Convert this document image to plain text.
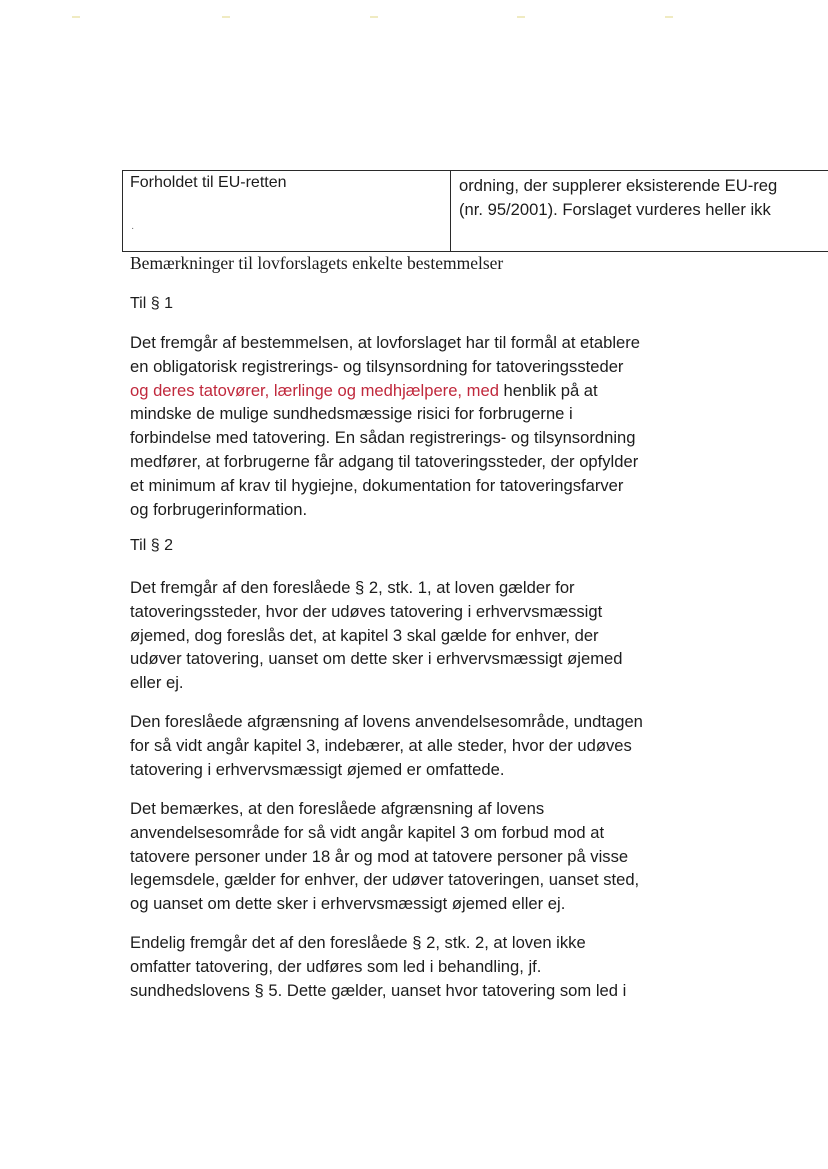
Forholdet til EU-retten
·
ordning, der supplerer eksisterende EU-reg
(nr. 95/2001). Forslaget vurderes heller ikk
Bemærkninger til lovforslagets enkelte bestemmelser
Til § 1
Det fremgår af bestemmelsen, at lovforslaget har til formål at etablere
en obligatorisk registrerings- og tilsynsordning for tatoveringssteder
og deres tatovører, lærlinge og medhjælpere, med henblik på at
mindske de mulige sundhedsmæssige risici for forbrugerne i
forbindelse med tatovering. En sådan registrerings- og tilsynsordning
medfører, at forbrugerne får adgang til tatoveringssteder, der opfylder
et minimum af krav til hygiejne, dokumentation for tatoveringsfarver
og forbrugerinformation.
Til § 2
Det fremgår af den foreslåede § 2, stk. 1, at loven gælder for
tatoveringssteder, hvor der udøves tatovering i erhvervsmæssigt
øjemed, dog foreslås det, at kapitel 3 skal gælde for enhver, der
udøver tatovering, uanset om dette sker i erhvervsmæssigt øjemed
eller ej.
Den foreslåede afgrænsning af lovens anvendelsesområde, undtagen
for så vidt angår kapitel 3, indebærer, at alle steder, hvor der udøves
tatovering i erhvervsmæssigt øjemed er omfattede.
Det bemærkes, at den foreslåede afgrænsning af lovens
anvendelsesområde for så vidt angår kapitel 3 om forbud mod at
tatovere personer under 18 år og mod at tatovere personer på visse
legemsdele, gælder for enhver, der udøver tatoveringen, uanset sted,
og uanset om dette sker i erhvervsmæssigt øjemed eller ej.
Endelig fremgår det af den foreslåede § 2, stk. 2, at loven ikke
omfatter tatovering, der udføres som led i behandling, jf.
sundhedslovens § 5. Dette gælder, uanset hvor tatovering som led i
